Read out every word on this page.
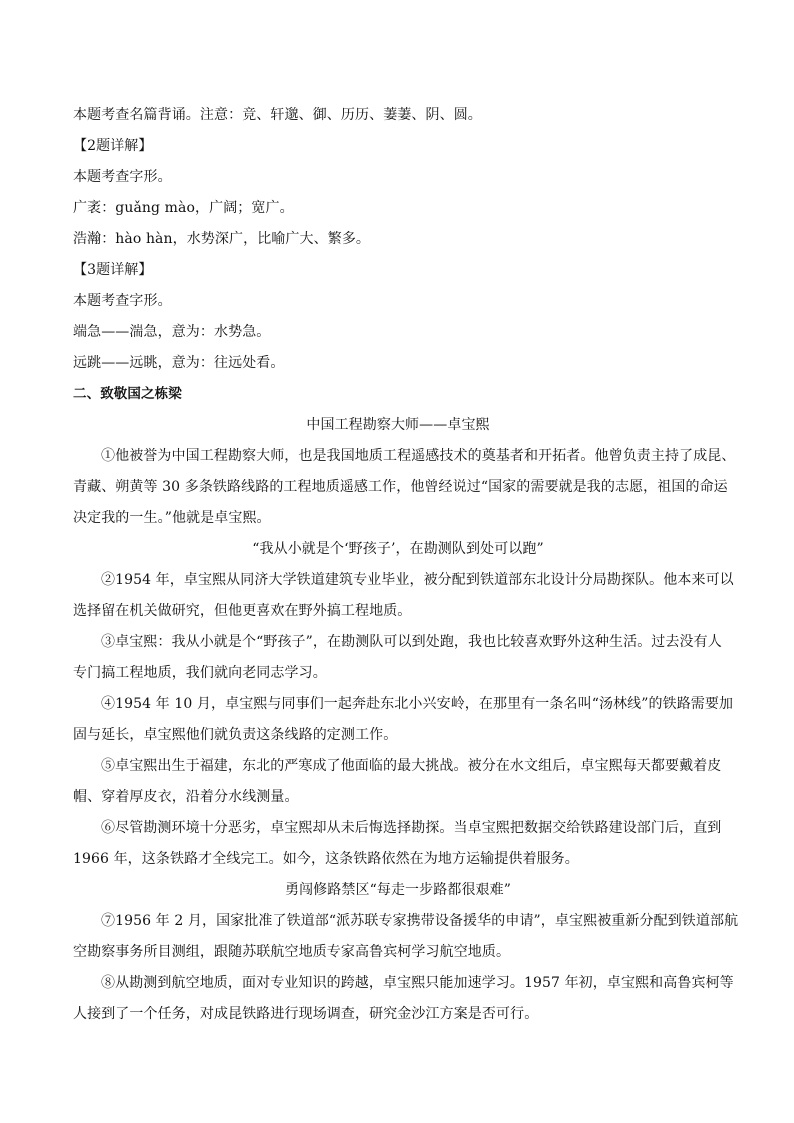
本题考查名篇背诵。注意：竞、轩邈、御、历历、萋萋、阴、圆。
【2题详解】
本题考查字形。
广袤：guǎng mào，广阔；宽广。
浩瀚：hào hàn，水势深广，比喻广大、繁多。
【3题详解】
本题考查字形。
端急——湍急，意为：水势急。
远跳——远眺，意为：往远处看。
二、致敬国之栋梁
中国工程勘察大师——卓宝熙
①他被誉为中国工程勘察大师，也是我国地质工程遥感技术的奠基者和开拓者。他曾负责主持了成昆、
青藏、朔黄等 30 多条铁路线路的工程地质遥感工作，他曾经说过“国家的需要就是我的志愿，祖国的命运
决定我的一生。”他就是卓宝熙。
“我从小就是个‘野孩子’，在勘测队到处可以跑”
②1954 年，卓宝熙从同济大学铁道建筑专业毕业，被分配到铁道部东北设计分局勘探队。他本来可以
选择留在机关做研究，但他更喜欢在野外搞工程地质。
③卓宝熙：我从小就是个“野孩子”，在勘测队可以到处跑，我也比较喜欢野外这种生活。过去没有人
专门搞工程地质，我们就向老同志学习。
④1954 年 10 月，卓宝熙与同事们一起奔赴东北小兴安岭，在那里有一条名叫“汤林线”的铁路需要加
固与延长，卓宝熙他们就负责这条线路的定测工作。
⑤卓宝熙出生于福建，东北的严寒成了他面临的最大挑战。被分在水文组后，卓宝熙每天都要戴着皮
帽、穿着厚皮衣，沿着分水线测量。
⑥尽管勘测环境十分恶劣，卓宝熙却从未后悔选择勘探。当卓宝熙把数据交给铁路建设部门后，直到
1966 年，这条铁路才全线完工。如今，这条铁路依然在为地方运输提供着服务。
勇闯修路禁区“每走一步路都很艰难”
⑦1956 年 2 月，国家批准了铁道部“派苏联专家携带设备援华的申请”，卓宝熙被重新分配到铁道部航
空勘察事务所目测组，跟随苏联航空地质专家高鲁宾柯学习航空地质。
⑧从勘测到航空地质，面对专业知识的跨越，卓宝熙只能加速学习。1957 年初，卓宝熙和高鲁宾柯等
人接到了一个任务，对成昆铁路进行现场调查，研究金沙江方案是否可行。
